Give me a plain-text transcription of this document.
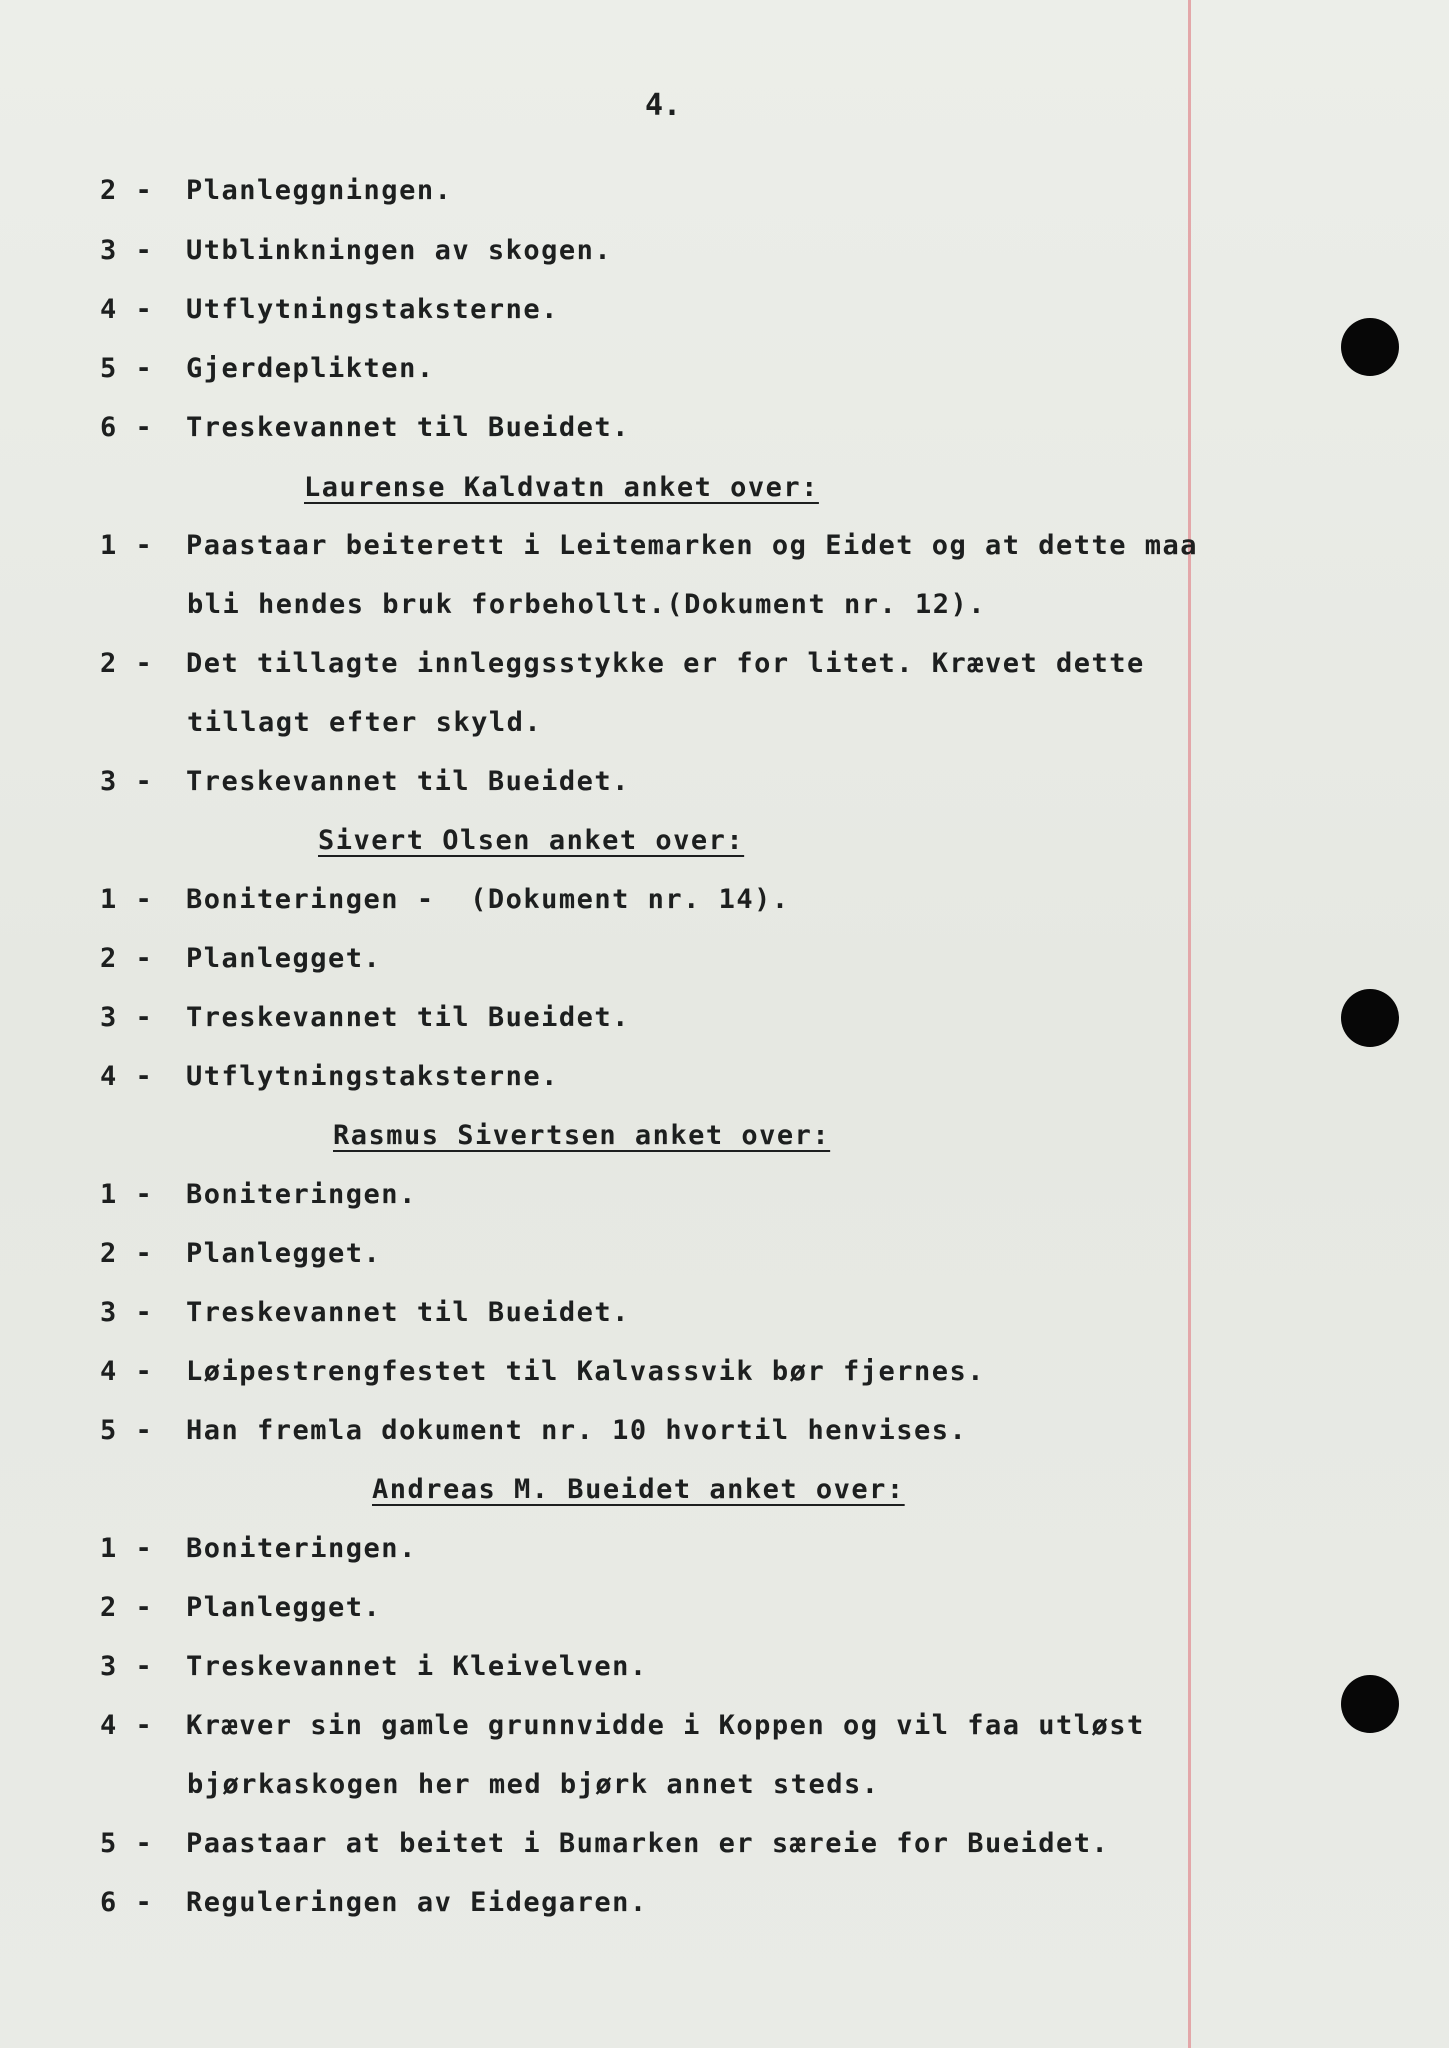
4.
2 - Planleggningen.
3 - Utblinkningen av skogen.
4 - Utflytningstaksterne.
5 - Gjerdeplikten.
6 - Treskevannet til Bueidet.
Laurense Kaldvatn anket over:
1 - Paastaar beiterett i Leitemarken og Eidet og at dette maa
bli hendes bruk forbehollt.(Dokument nr. 12).
2 - Det tillagte innleggsstykke er for litet. Krævet dette
tillagt efter skyld.
3 - Treskevannet til Bueidet.
Sivert Olsen anket over:
1 - Boniteringen -  (Dokument nr. 14).
2 - Planlegget.
3 - Treskevannet til Bueidet.
4 - Utflytningstaksterne.
Rasmus Sivertsen anket over:
1 - Boniteringen.
2 - Planlegget.
3 - Treskevannet til Bueidet.
4 - Løipestrengfestet til Kalvassvik bør fjernes.
5 - Han fremla dokument nr. 10 hvortil henvises.
Andreas M. Bueidet anket over:
1 - Boniteringen.
2 - Planlegget.
3 - Treskevannet i Kleivelven.
4 - Kræver sin gamle grunnvidde i Koppen og vil faa utløst
bjørkaskogen her med bjørk annet steds.
5 - Paastaar at beitet i Bumarken er særeie for Bueidet.
6 - Reguleringen av Eidegaren.
